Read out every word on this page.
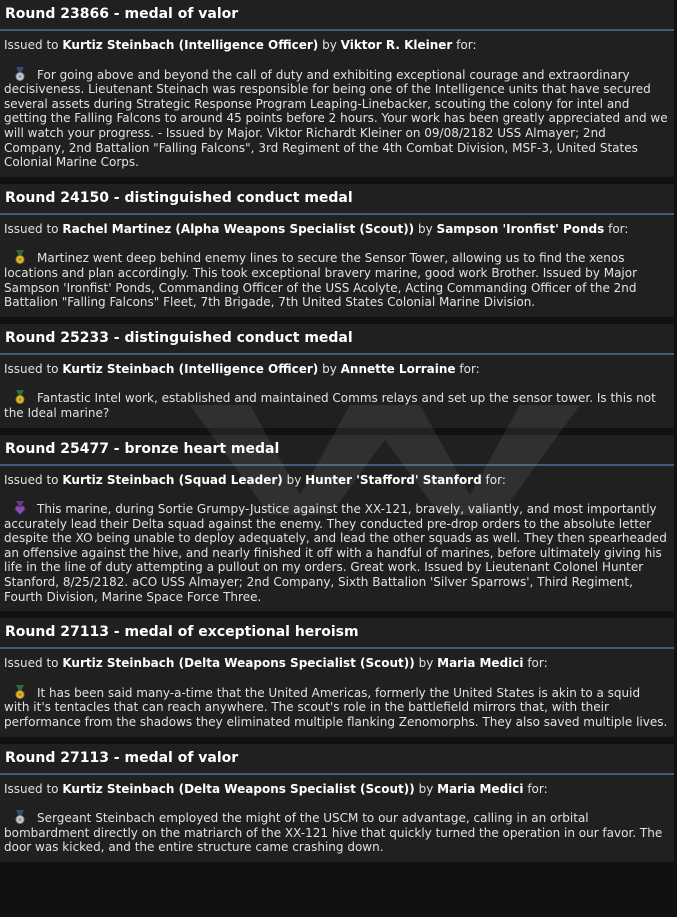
Round 23866 - medal of valor
Issued to Kurtiz Steinbach (Intelligence Officer) by Viktor R. Kleiner for:
For going above and beyond the call of duty and exhibiting exceptional courage and extraordinary decisiveness. Lieutenant Steinach was responsible for being one of the Intelligence units that have secured several assets during Strategic Response Program Leaping-Linebacker, scouting the colony for intel and getting the Falling Falcons to around 45 points before 2 hours. Your work has been greatly appreciated and we will watch your progress. - Issued by Major. Viktor Richardt Kleiner on 09/08/2182 USS Almayer; 2nd Company, 2nd Battalion "Falling Falcons", 3rd Regiment of the 4th Combat Division, MSF-3, United States Colonial Marine Corps.
Round 24150 - distinguished conduct medal
Issued to Rachel Martinez (Alpha Weapons Specialist (Scout)) by Sampson 'Ironfist' Ponds for:
Martinez went deep behind enemy lines to secure the Sensor Tower, allowing us to find the xenos locations and plan accordingly. This took exceptional bravery marine, good work Brother. Issued by Major Sampson 'Ironfist' Ponds, Commanding Officer of the USS Acolyte, Acting Commanding Officer of the 2nd Battalion "Falling Falcons" Fleet, 7th Brigade, 7th United States Colonial Marine Division.
Round 25233 - distinguished conduct medal
Issued to Kurtiz Steinbach (Intelligence Officer) by Annette Lorraine for:
Fantastic Intel work, established and maintained Comms relays and set up the sensor tower. Is this not the Ideal marine?
Round 25477 - bronze heart medal
Issued to Kurtiz Steinbach (Squad Leader) by Hunter 'Stafford' Stanford for:
This marine, during Sortie Grumpy-Justice against the XX-121, bravely, valiantly, and most importantly accurately lead their Delta squad against the enemy. They conducted pre-drop orders to the absolute letter despite the XO being unable to deploy adequately, and lead the other squads as well. They then spearheaded an offensive against the hive, and nearly finished it off with a handful of marines, before ultimately giving his life in the line of duty attempting a pullout on my orders. Great work. Issued by Lieutenant Colonel Hunter Stanford, 8/25/2182. aCO USS Almayer; 2nd Company, Sixth Battalion 'Silver Sparrows', Third Regiment, Fourth Division, Marine Space Force Three.
Round 27113 - medal of exceptional heroism
Issued to Kurtiz Steinbach (Delta Weapons Specialist (Scout)) by Maria Medici for:
It has been said many-a-time that the United Americas, formerly the United States is akin to a squid with it's tentacles that can reach anywhere. The scout's role in the battlefield mirrors that, with their performance from the shadows they eliminated multiple flanking Zenomorphs. They also saved multiple lives.
Round 27113 - medal of valor
Issued to Kurtiz Steinbach (Delta Weapons Specialist (Scout)) by Maria Medici for:
Sergeant Steinbach employed the might of the USCM to our advantage, calling in an orbital bombardment directly on the matriarch of the XX-121 hive that quickly turned the operation in our favor. The door was kicked, and the entire structure came crashing down.
